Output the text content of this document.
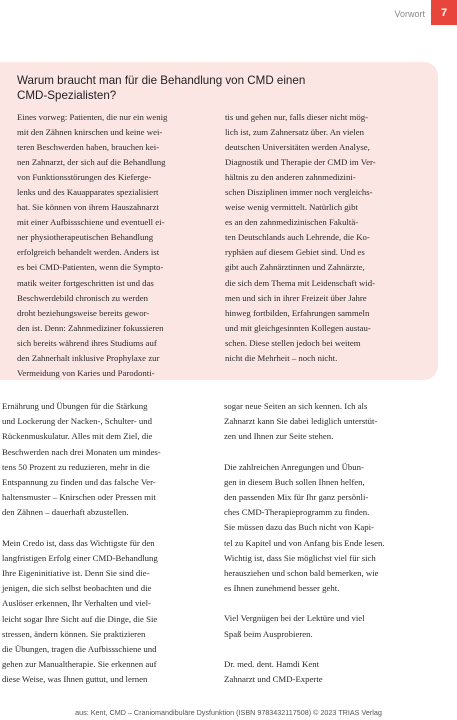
Vorwort	7
Warum braucht man für die Behandlung von CMD einen
CMD-Spezialisten?
Eines vorweg: Patienten, die nur ein wenig
mit den Zähnen knirschen und keine wei-
teren Beschwerden haben, brauchen kei-
nen Zahnarzt, der sich auf die Behandlung
von Funktionsstörungen des Kiefergе-
lenks und des Kauapparates spezialisiert
hat. Sie können von ihrem Hauszahnarzt
mit einer Aufbissschiene und eventuell ei-
ner physiotherapeutischen Behandlung
erfolgreich behandelt werden. Anders ist
es bei CMD-Patienten, wenn die Sympto-
matik weiter fortgeschritten ist und das
Beschwerdebild chronisch zu werden
droht beziehungsweise bereits gewor-
den ist. Denn: Zahnmediziner fokussieren
sich bereits während ihres Studiums auf
den Zahnerhalt inklusive Prophylaxe zur
Vermeidung von Karies und Parodonti-
tis und gehen nur, falls dieser nicht mög-
lich ist, zum Zahnersatz über. An vielen
deutschen Universitäten werden Analyse,
Diagnostik und Therapie der CMD im Ver-
hältnis zu den anderen zahnmedizini-
schen Disziplinen immer noch vergleichs-
weise wenig vermittelt. Natürlich gibt
es an den zahnmedizinischen Fakultä-
ten Deutschlands auch Lehrende, die Ko-
ryphäen auf diesem Gebiet sind. Und es
gibt auch Zahnärztinnen und Zahnärzte,
die sich dem Thema mit Leidenschaft wid-
men und sich in ihrer Freizeit über Jahre
hinweg fortbilden, Erfahrungen sammeln
und mit gleichgesinnten Kollegen austau-
schen. Diese stellen jedoch bei weitem
nicht die Mehrheit – noch nicht.
Ernährung und Übungen für die Stärkung
und Lockerung der Nacken-, Schulter- und
Rückenmuskulatur. Alles mit dem Ziel, die
Beschwerden nach drei Monaten um mindes-
tens 50 Prozent zu reduzieren, mehr in die
Entspannung zu finden und das falsche Ver-
haltensmuster – Knirschen oder Pressen mit
den Zähnen – dauerhaft abzustellen.
Mein Credo ist, dass das Wichtigste für den
langfristigen Erfolg einer CMD-Behandlung
Ihre Eigeninitiative ist. Denn Sie sind die-
jenigen, die sich selbst beobachten und die
Auslöser erkennen, Ihr Verhalten und viel-
leicht sogar Ihre Sicht auf die Dinge, die Sie
stressen, ändern können. Sie praktizieren
die Übungen, tragen die Aufbissschiene und
gehen zur Manualtherapie. Sie erkennen auf
diese Weise, was Ihnen guttut, und lernen
sogar neue Seiten an sich kennen. Ich als
Zahnarzt kann Sie dabei lediglich unterstüt-
zen und Ihnen zur Seite stehen.
Die zahlreichen Anregungen und Übun-
gen in diesem Buch sollen Ihnen helfen,
den passenden Mix für Ihr ganz persönli-
ches CMD-Therapieprogramm zu finden.
Sie müssen dazu das Buch nicht von Kapi-
tel zu Kapitel und von Anfang bis Ende lesen.
Wichtig ist, dass Sie möglichst viel für sich
herausziehen und schon bald bemerken, wie
es Ihnen zunehmend besser geht.
Viel Vergnügen bei der Lektüre und viel
Spaß beim Ausprobieren.
Dr. med. dent. Hamdi Kent
Zahnarzt und CMD-Experte
aus: Kent, CMD – Craniomandibuläre Dysfunktion (ISBN 9783432117508) © 2023 TRIAS Verlag
